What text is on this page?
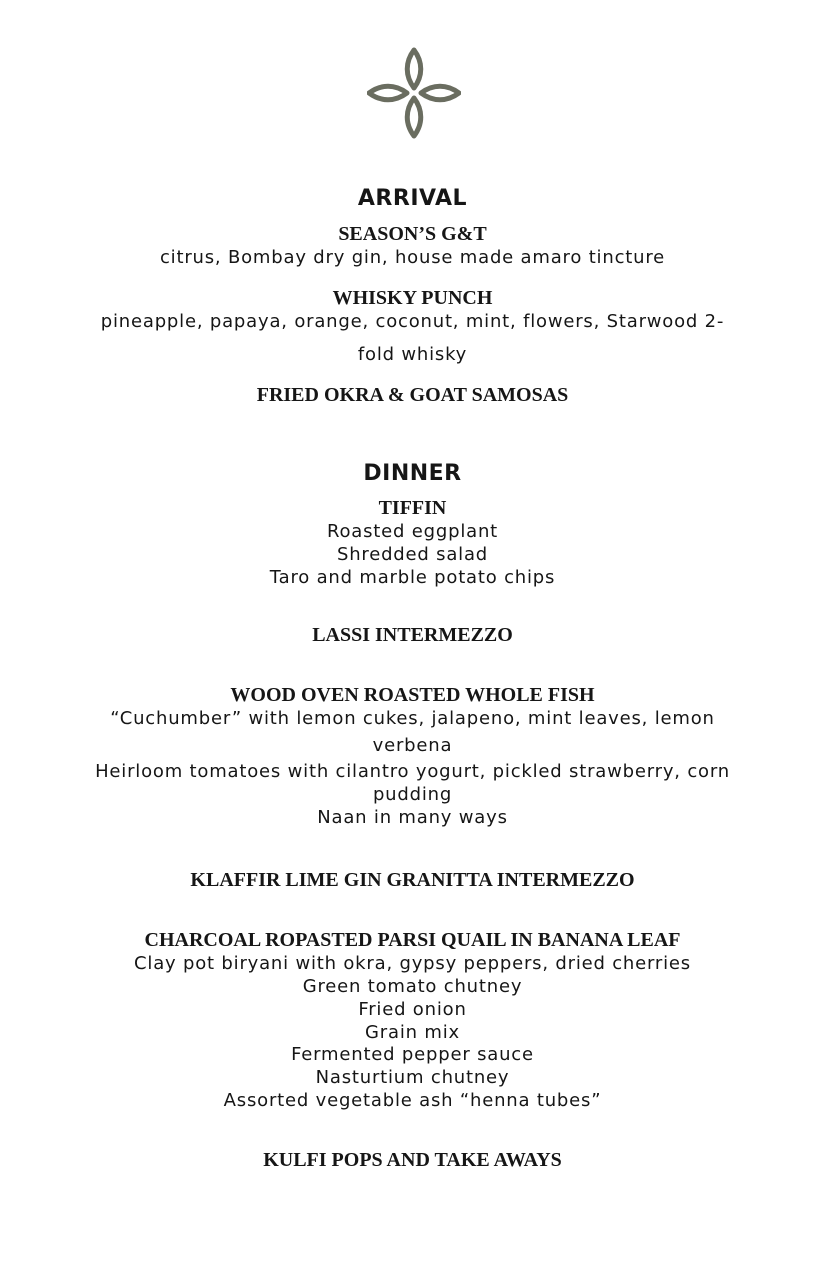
ARRIVAL
SEASON’S G&T
citrus, Bombay dry gin, house made amaro tincture
WHISKY PUNCH
pineapple, papaya, orange, coconut, mint, flowers, Starwood 2-
fold whisky
FRIED OKRA & GOAT SAMOSAS
DINNER
TIFFIN
Roasted eggplant
Shredded salad
Taro and marble potato chips
LASSI INTERMEZZO
WOOD OVEN ROASTED WHOLE FISH
“Cuchumber” with lemon cukes, jalapeno, mint leaves, lemon
verbena
Heirloom tomatoes with cilantro yogurt, pickled strawberry, corn
pudding
Naan in many ways
KLAFFIR LIME GIN GRANITTA INTERMEZZO
CHARCOAL ROPASTED PARSI QUAIL IN BANANA LEAF
Clay pot biryani with okra, gypsy peppers, dried cherries
Green tomato chutney
Fried onion
Grain mix
Fermented pepper sauce
Nasturtium chutney
Assorted vegetable ash “henna tubes”
KULFI POPS AND TAKE AWAYS
